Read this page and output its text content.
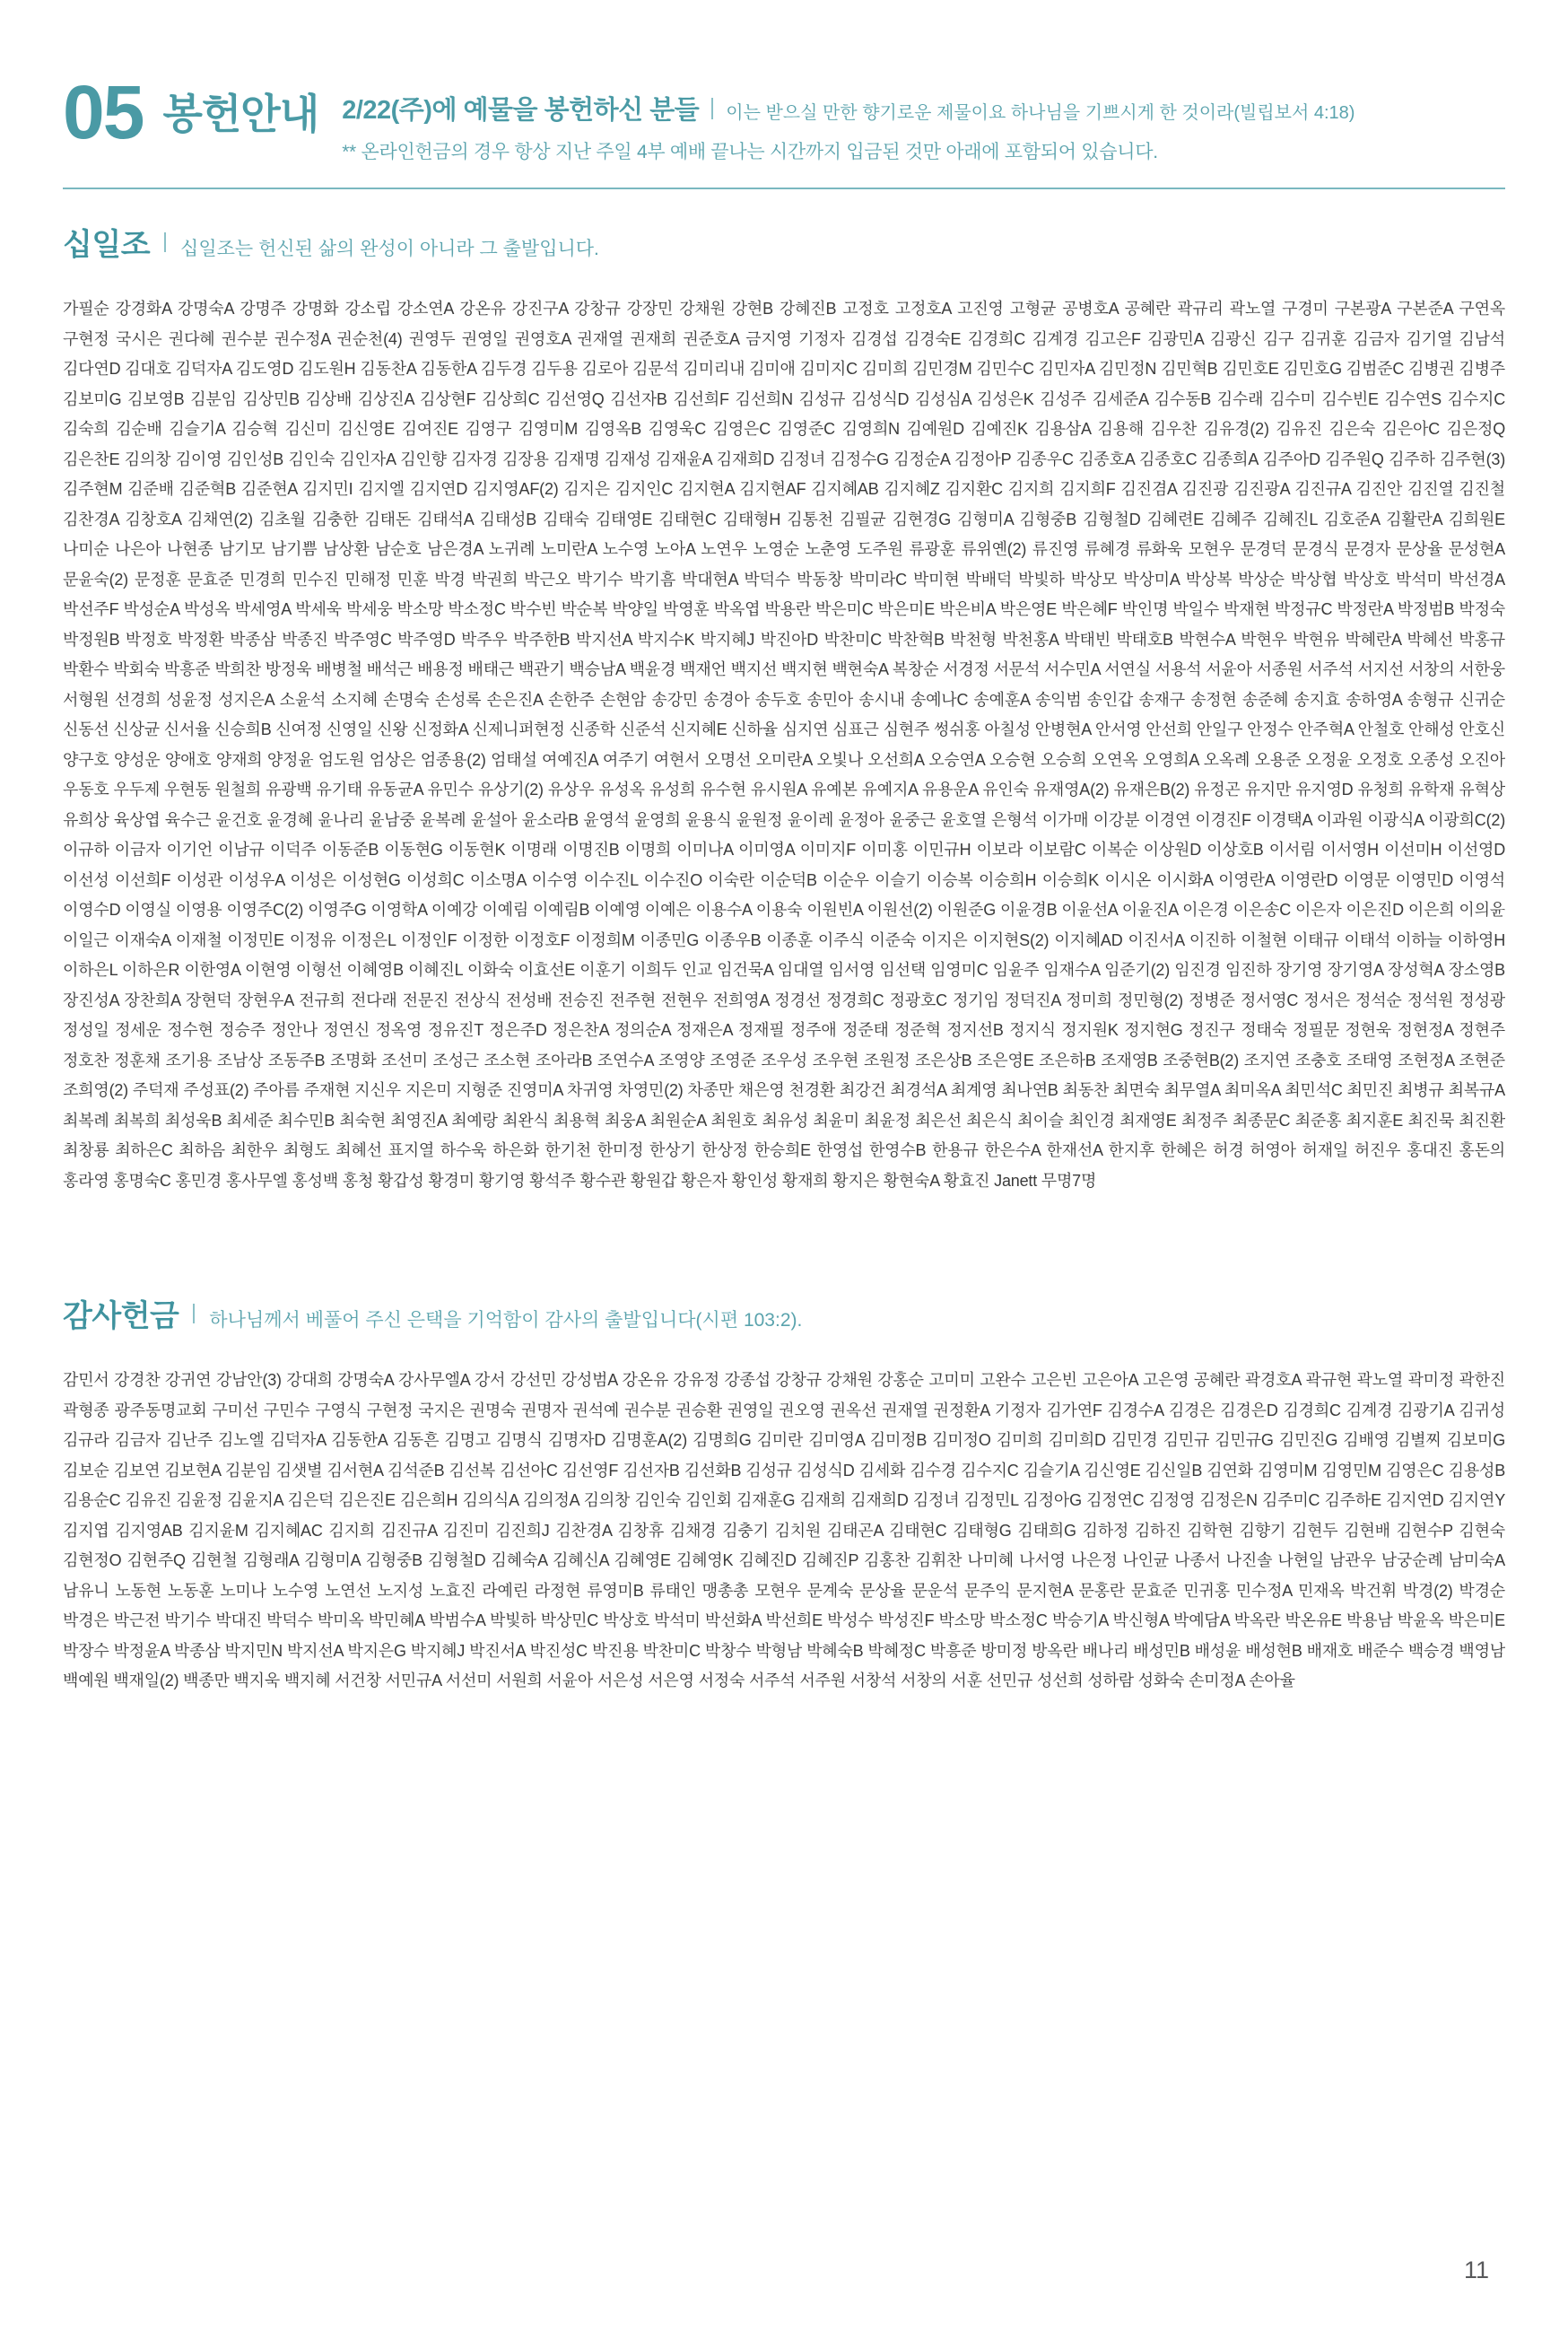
05 봉헌안내 2/22(주)에 예물을 봉헌하신 분들 이는 받으실 만한 향기로운 제물이요 하나님을 기쁘시게 한 것이라(빌립보서 4:18)
** 온라인헌금의 경우 항상 지난 주일 4부 예배 끝나는 시간까지 입금된 것만 아래에 포함되어 있습니다.
십일조 십일조는 헌신된 삶의 완성이 아니라 그 출발입니다.

가필순 강경화A 강명숙A 강명주 강명화 강소립 강소연A 강온유 강진구A 강창규 강장민 강채원 강현B 강혜진B 고정호 고정호A 고진영 고형균 공병호A 공혜란 곽규리 곽노열 구경미 구본광A 구본준A 구연옥 구현정 국시은 권다혜 권수분 권수정A 권순천(4) 권영두 권영일 권영호A 권재열 권재희 권준호A 금지영 기정자 김경섭 김경숙E 김경희C 김계경 김고은F 김광민A 김광신 김구 김귀훈 김금자 김기열 김남석 김다연D 김대호 김덕자A 김도영D 김도원H 김동찬A 김동한A 김두경 김두용 김로아 김문석 김미리내 김미애 김미지C 김미희 김민경M 김민수C 김민자A 김민정N 김민혁B 김민호E 김민호G 김범준C 김병권 김병주 김보미G 김보영B 김분임 김상민B 김상배 김상진A 김상현F 김상희C 김선영Q 김선자B 김선희F 김선희N 김성규 김성식D 김성심A 김성은K 김성주 김세준A 김수동B 김수래 김수미 김수빈E 김수연S 김수지C 김숙희 김순배 김슬기A 김승혁 김신미 김신영E 김여진E 김영구 김영미M 김영옥B 김영욱C 김영은C 김영준C 김영희N 김예원D 김예진K 김용삼A 김용해 김우찬 김유경(2) 김유진 김은숙 김은아C 김은정Q 김은찬E 김의창 김이영 김인성B 김인숙 김인자A 김인향 김자경 김장용 김재명 김재성 김재윤A 김재희D 김정녀 김정수G 김정순A 김정아P 김종우C 김종호A 김종호C 김종희A 김주아D 김주원Q 김주하 김주현(3) 김주현M 김준배 김준혁B 김준현A 김지민I 김지엘 김지연D 김지영AF(2) 김지은 김지인C 김지현A 김지현AF 김지혜AB 김지혜Z 김지환C 김지희 김지희F 김진겸A 김진광 김진광A 김진규A 김진안 김진열 김진철 김찬경A 김창호A 김채연(2) 김초월 김충한 김태돈 김태석A 김태성B 김태숙 김태영E 김태현C 김태형H 김통천 김필균 김현경G 김형미A 김형중B 김형철D 김혜련E 김혜주 김혜진L 김호준A 김활란A 김희원E 나미순 나은아 나현종 남기모 남기쁨 남상환 남순호 남은경A 노귀례 노미란A 노수영 노아A 노연우 노영순 노춘영 도주원 류광훈 류위옌(2) 류진영 류혜경 류화욱 모현우 문경덕 문경식 문경자 문상율 문성현A 문윤숙(2) 문정훈 문효준 민경희 민수진 민해정 민훈 박경 박권희 박근오 박기수 박기흠 박대현A 박덕수 박동창 박미라C 박미현 박배덕 박빛하 박상모 박상미A 박상복 박상순 박상협 박상호 박석미 박선경A 박선주F 박성순A 박성옥 박세영A 박세욱 박세웅 박소망 박소정C 박수빈 박순복 박양일 박영훈 박옥엽 박용란 박은미C 박은미E 박은비A 박은영E 박은혜F 박인명 박일수 박재현 박정규C 박정란A 박정범B 박정숙 박정원B 박정호 박정환 박종삼 박종진 박주영C 박주영D 박주우 박주한B 박지선A 박지수K 박지혜J 박진아D 박찬미C 박찬혁B 박천형 박천홍A 박태빈 박태호B 박현수A 박현우 박현유 박혜란A 박혜선 박홍규 박환수 박회숙 박흥준 박희찬 방정욱 배병철 배석근 배용정 배태근 백관기 백승남A 백윤경 백재언 백지선 백지현 백현숙A 복창순 서경정 서문석 서수민A 서연실 서용석 서윤아 서종원 서주석 서지선 서창의 서한웅 서형원 선경희 성윤정 성지은A 소윤석 소지혜 손명숙 손성록 손은진A 손한주 손현암 송강민 송경아 송두호 송민아 송시내 송예나C 송예훈A 송익범 송인갑 송재구 송정현 송준혜 송지효 송하영A 송형규 신귀순 신동선 신상균 신서율 신승희B 신여정 신영일 신왕 신정화A 신제니퍼현정 신종학 신준석 신지혜E 신하율 심지연 심표근 심현주 썽쉬홍 아칠성 안병현A 안서영 안선희 안일구 안정수 안주혁A 안철호 안해성 안호신 양구호 양성운 양애호 양재희 양정윤 엄도원 엄상은 엄종용(2) 엄태설 여예진A 여주기 여현서 오명선 오미란A 오빛나 오선희A 오승연A 오승현 오승희 오연옥 오영희A 오옥례 오용준 오정윤 오정호 오종성 오진아 우동호 우두제 우현동 원철희 유광백 유기태 유동균A 유민수 유상기(2) 유상우 유성옥 유성희 유수현 유시원A 유예본 유예지A 유용운A 유인숙 유재영A(2) 유재은B(2) 유정곤 유지만 유지영D 유청희 유학재 유혁상 유희상 육상엽 육수근 윤건호 윤경혜 윤나리 윤남중 윤복례 윤설아 윤소라B 윤영석 윤영희 윤용식 윤원정 윤이레 윤정아 윤중근 윤호열 은형석 이가매 이강분 이경연 이경진F 이경택A 이과원 이광식A 이광희C(2) 이규하 이금자 이기언 이남규 이덕주 이동준B 이동현G 이동현K 이명래 이명진B 이명희 이미나A 이미영A 이미지F 이미홍 이민규H 이보라 이보람C 이복순 이상원D 이상호B 이서림 이서영H 이선미H 이선영D 이선성 이선희F 이성관 이성우A 이성은 이성현G 이성희C 이소명A 이수영 이수진L 이수진O 이숙란 이순덕B 이순우 이슬기 이승복 이승희H 이승희K 이시온 이시화A 이영란A 이영란D 이영문 이영민D 이영석 이영수D 이영실 이영용 이영주C(2) 이영주G 이영학A 이예강 이예림 이예림B 이예영 이예은 이용수A 이용숙 이원빈A 이원선(2) 이원준G 이윤경B 이윤선A 이윤진A 이은경 이은송C 이은자 이은진D 이은희 이의윤 이일근 이재숙A 이재철 이정민E 이정유 이정은L 이정인F 이정한 이정호F 이정희M 이종민G 이종우B 이종훈 이주식 이준숙 이지은 이지현S(2) 이지혜AD 이진서A 이진하 이철현 이태규 이태석 이하늘 이하영H 이하은L 이하은R 이한영A 이현영 이형선 이혜영B 이혜진L 이화숙 이효선E 이훈기 이희두 인교 임건묵A 임대열 임서영 임선택 임영미C 임윤주 임재수A 임준기(2) 임진경 임진하 장기영 장기영A 장성혁A 장소영B 장진성A 장찬희A 장현덕 장현우A 전규희 전다래 전문진 전상식 전성배 전승진 전주현 전현우 전희영A 정경선 정경희C 정광호C 정기임 정덕진A 정미희 정민형(2) 정병준 정서영C 정서은 정석순 정석원 정성광 정성일 정세운 정수현 정승주 정안나 정연신 정옥영 정유진T 정은주D 정은찬A 정의순A 정재은A 정재필 정주애 정준태 정준혁 정지선B 정지식 정지원K 정지현G 정진구 정태숙 정필문 정현욱 정현정A 정현주 정호찬 정훈채 조기용 조남상 조동주B 조명화 조선미 조성근 조소현 조아라B 조연수A 조영양 조영준 조우성 조우현 조원정 조은상B 조은영E 조은하B 조재영B 조중현B(2) 조지연 조충호 조태영 조현정A 조현준 조희영(2) 주덕재 주성표(2) 주아름 주재현 지신우 지은미 지형준 진영미A 차귀영 차영민(2) 차종만 채은영 천경환 최강건 최경석A 최계영 최나연B 최동찬 최면숙 최무열A 최미옥A 최민석C 최민진 최병규 최복규A 최복례 최복희 최성욱B 최세준 최수민B 최숙현 최영진A 최예랑 최완식 최용혁 최웅A 최원순A 최원호 최유성 최윤미 최윤정 최은선 최은식 최이슬 최인경 최재영E 최정주 최종문C 최준홍 최지훈E 최진묵 최진환 최창룡 최하은C 최하음 최한우 최형도 최혜선 표지열 하수욱 하은화 한기천 한미정 한상기 한상정 한승희E 한영섭 한영수B 한용규 한은수A 한재선A 한지후 한혜은 허경 허영아 허재일 허진우 홍대진 홍돈의 홍라영 홍명숙C 홍민경 홍사무엘 홍성백 홍청 황갑성 황경미 황기영 황석주 황수관 황원갑 황은자 황인성 황재희 황지은 황현숙A 황효진 Janett 무명7명

감사헌금 하나님께서 베풀어 주신 은택을 기억함이 감사의 출발입니다(시편 103:2).

감민서 강경찬 강귀연 강남안(3) 강대희 강명숙A 강사무엘A 강서 강선민 강성범A 강온유 강유정 강종섭 강창규 강채원 강홍순 고미미 고완수 고은빈 고은아A 고은영 공혜란 곽경호A 곽규현 곽노열 곽미정 곽한진 곽형종 광주동명교회 구미선 구민수 구영식 구현정 국지은 권명숙 권명자 권석예 권수분 권승환 권영일 권오영 권옥선 권재열 권정환A 기정자 김가연F 김경수A 김경은 김경은D 김경희C 김계경 김광기A 김귀성 김규라 김금자 김난주 김노엘 김덕자A 김동한A 김동흔 김명고 김명식 김명자D 김명훈A(2) 김명희G 김미란 김미영A 김미정B 김미정O 김미희 김미희D 김민경 김민규 김민규G 김민진G 김배영 김별찌 김보미G 김보순 김보연 김보현A 김분임 김샛별 김서현A 김석준B 김선복 김선아C 김선영F 김선자B 김선화B 김성규 김성식D 김세화 김수경 김수지C 김슬기A 김신영E 김신일B 김연화 김영미M 김영민M 김영은C 김용성B 김용순C 김유진 김윤정 김윤지A 김은덕 김은진E 김은희H 김의식A 김의정A 김의창 김인숙 김인회 김재훈G 김재희 김재희D 김정녀 김정민L 김정아G 김정연C 김정영 김정은N 김주미C 김주하E 김지연D 김지연Y 김지엽 김지영AB 김지윤M 김지혜AC 김지희 김진규A 김진미 김진희J 김찬경A 김창휴 김채경 김충기 김치원 김태곤A 김태현C 김태형G 김태희G 김하정 김하진 김학현 김향기 김현두 김현배 김현수P 김현숙 김현정O 김현주Q 김현철 김형래A 김형미A 김형중B 김형철D 김혜숙A 김혜신A 김혜영E 김혜영K 김혜진D 김혜진P 김홍찬 김휘찬 나미혜 나서영 나은정 나인균 나종서 나진솔 나현일 남관우 남궁순례 남미숙A 남유니 노동현 노동훈 노미나 노수영 노연선 노지성 노효진 라예린 라정현 류영미B 류태인 맹총총 모현우 문계숙 문상율 문운석 문주익 문지현A 문홍란 문효준 민귀홍 민수정A 민재옥 박건휘 박경(2) 박경순 박경은 박근전 박기수 박대진 박덕수 박미옥 박민혜A 박범수A 박빛하 박상민C 박상호 박석미 박선화A 박선희E 박성수 박성진F 박소망 박소정C 박승기A 박신형A 박예담A 박옥란 박온유E 박용남 박윤옥 박은미E 박장수 박정윤A 박종삼 박지민N 박지선A 박지은G 박지혜J 박진서A 박진성C 박진용 박찬미C 박창수 박형남 박혜숙B 박혜정C 박흥준 방미정 방옥란 배나리 배성민B 배성윤 배성현B 배재호 배준수 백승경 백영남 백예원 백재일(2) 백종만 백지욱 백지혜 서건창 서민규A 서선미 서원희 서윤아 서은성 서은영 서정숙 서주석 서주원 서창석 서창의 서훈 선민규 성선희 성하람 성화숙 손미정A 손아율

11
